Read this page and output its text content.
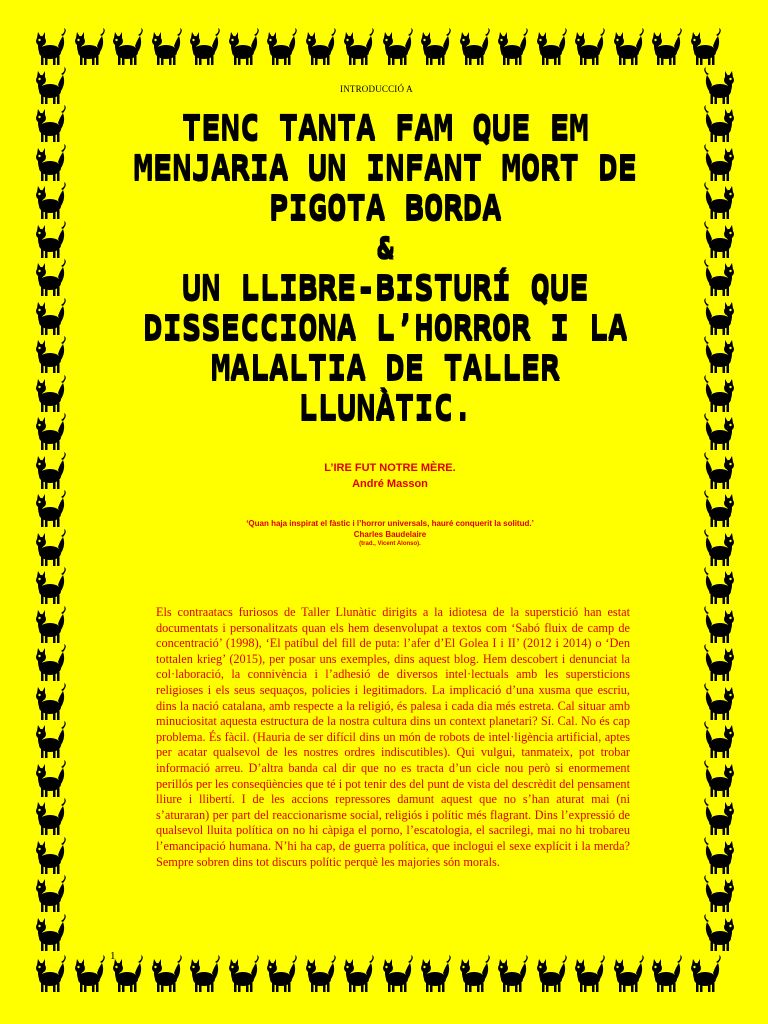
INTRODUCCIÓ A
TENC TANTA FAM QUE EM
MENJARIA UN INFANT MORT DE
PIGOTA BORDA
&
UN LLIBRE-BISTURÍ QUE
DISSECCIONA L’HORROR I LA
MALALTIA DE TALLER LLUNÀTIC.
L’IRE FUT NOTRE MÈRE.
André Masson
‘Quan haja inspirat el fàstic i l’horror universals, hauré conquerit la solitud.’
Charles Baudelaire
(trad., Vicent Alonso).
Els contraatacs furiosos de Taller Llunàtic dirigits a la idiotesa de la superstició han estat documentats i personalitzats quan els hem desenvolupat a textos com ‘Sabó fluix de camp de concentració’ (1998), ‘El patíbul del fill de puta: l’afer d’El Golea I i II’ (2012 i 2014) o ‘Den tottalen krieg’ (2015), per posar uns exemples, dins aquest blog. Hem descobert i denunciat la col·laboració, la connivència i l’adhesió de diversos intel·lectuals amb les supersticions religioses i els seus sequaços, policies i legitimadors. La implicació d’una xusma que escriu, dins la nació catalana, amb respecte a la religió, és palesa i cada dia més estreta. Cal situar amb minuciositat aquesta estructura de la nostra cultura dins un context planetari? Sí. Cal. No és cap problema. És fàcil. (Hauria de ser difícil dins un món de robots de intel·ligència artificial, aptes per acatar qualsevol de les nostres ordres indiscutibles). Qui vulgui, tanmateix, pot trobar informació arreu. D’altra banda cal dir que no es tracta d’un cicle nou però si enormement perillós per les conseqüències que té i pot tenir des del punt de vista del descrèdit del pensament lliure i llibertí. I de les accions repressores damunt aquest que no s’han aturat mai (ni s’aturaran) per part del reaccionarisme social, religiós i polític més flagrant. Dins l’expressió de qualsevol lluita política on no hi càpiga el porno, l’escatologia, el sacrilegi, mai no hi trobareu l’emancipació humana. N’hi ha cap, de guerra política, que inclogui el sexe explícit i la merda? Sempre sobren dins tot discurs polític perquè les majories són morals.
1
